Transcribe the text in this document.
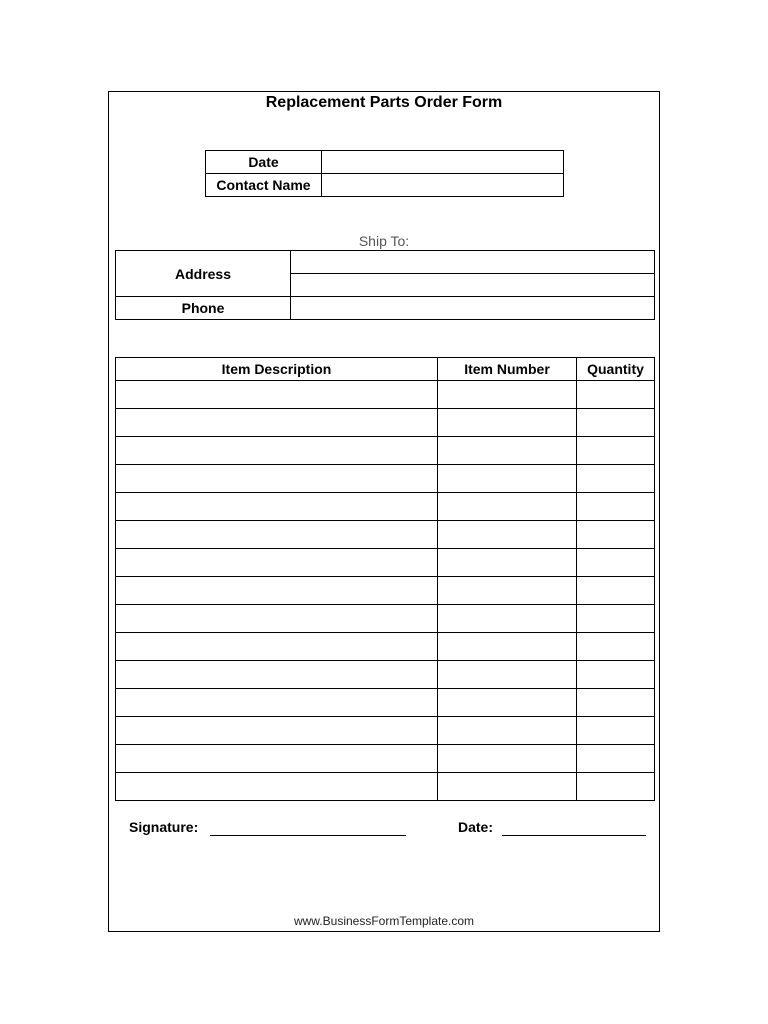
Replacement Parts Order Form
Date	
Contact Name	
Ship To:
Address	

Phone	
Item Description	Item Number	Quantity

Signature:	Date:
www.BusinessFormTemplate.com
